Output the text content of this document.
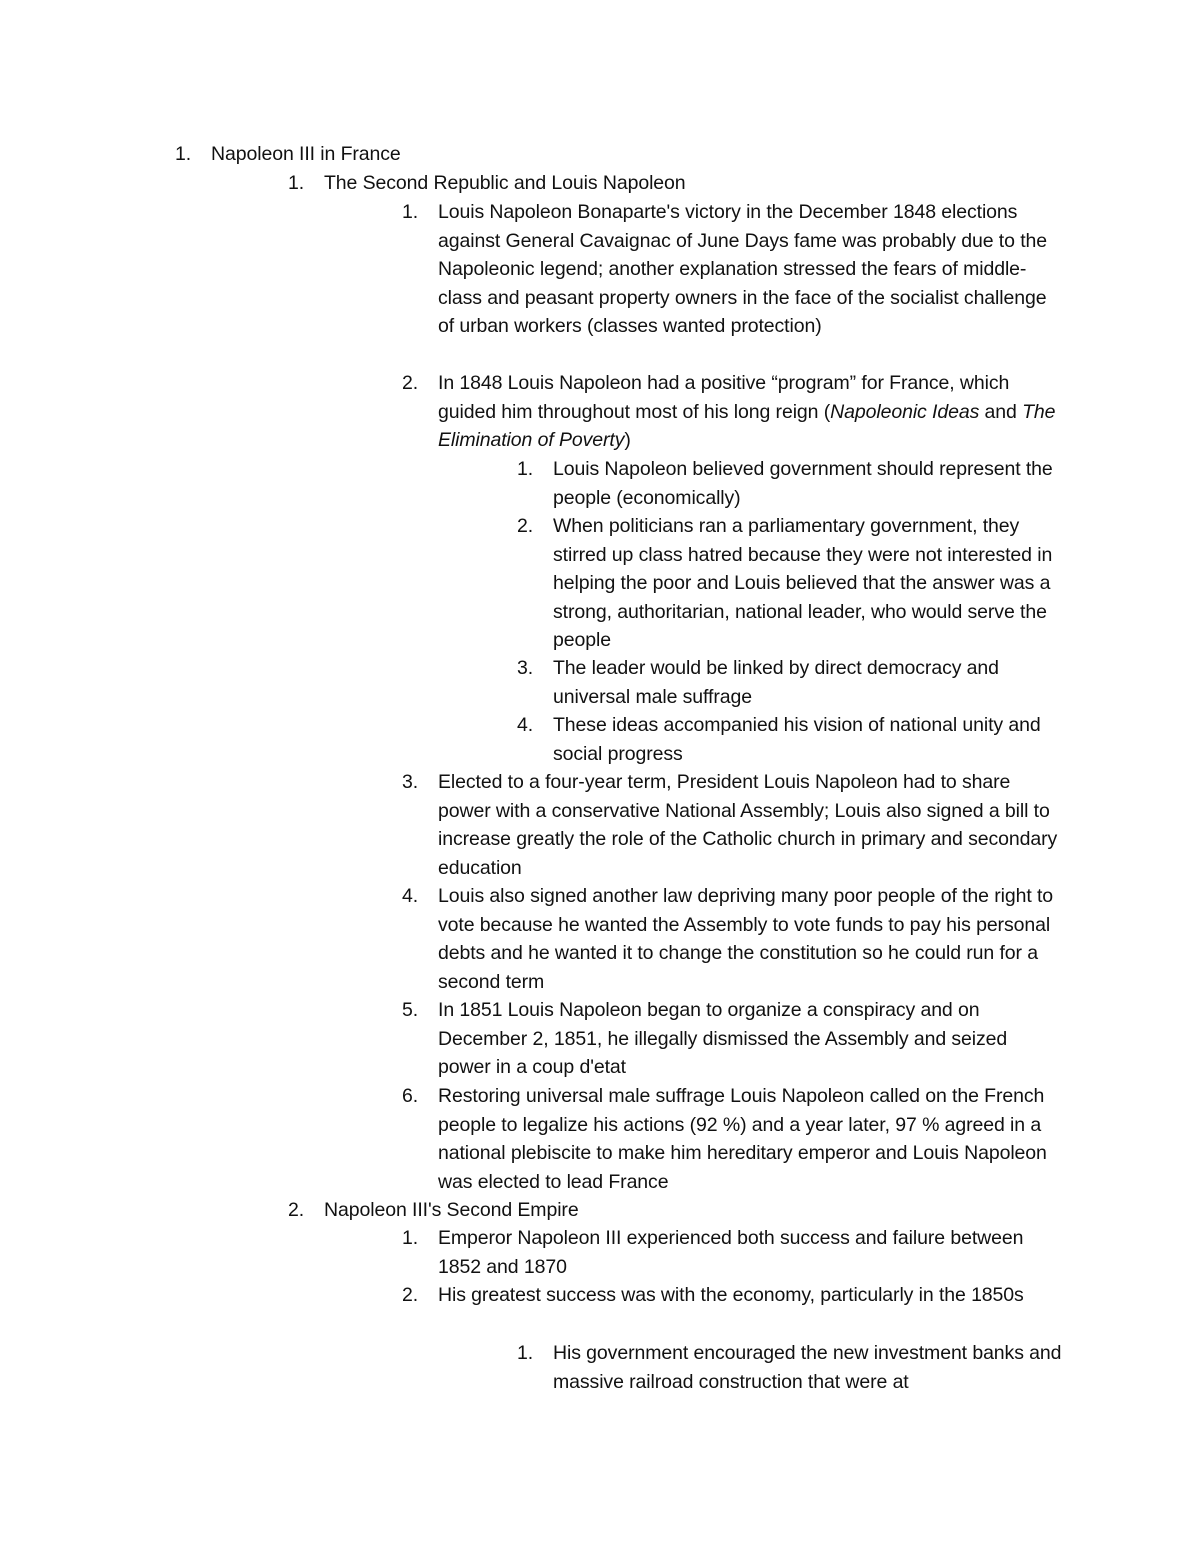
1. Napoleon III in France
1. The Second Republic and Louis Napoleon
1. Louis Napoleon Bonaparte's victory in the December 1848 elections against General Cavaignac of June Days fame was probably due to the Napoleonic legend; another explanation stressed the fears of middle-class and peasant property owners in the face of the socialist challenge of urban workers (classes wanted protection)
2. In 1848 Louis Napoleon had a positive “program” for France, which guided him throughout most of his long reign (Napoleonic Ideas and The Elimination of Poverty)
1. Louis Napoleon believed government should represent the people (economically)
2. When politicians ran a parliamentary government, they stirred up class hatred because they were not interested in helping the poor and Louis believed that the answer was a strong, authoritarian, national leader, who would serve the people
3. The leader would be linked by direct democracy and universal male suffrage
4. These ideas accompanied his vision of national unity and social progress
3. Elected to a four-year term, President Louis Napoleon had to share power with a conservative National Assembly; Louis also signed a bill to increase greatly the role of the Catholic church in primary and secondary education
4. Louis also signed another law depriving many poor people of the right to vote because he wanted the Assembly to vote funds to pay his personal debts and he wanted it to change the constitution so he could run for a second term
5. In 1851 Louis Napoleon began to organize a conspiracy and on December 2, 1851, he illegally dismissed the Assembly and seized power in a coup d'etat
6. Restoring universal male suffrage Louis Napoleon called on the French people to legalize his actions (92 %) and a year later, 97 % agreed in a national plebiscite to make him hereditary emperor and Louis Napoleon was elected to lead France
2. Napoleon III's Second Empire
1. Emperor Napoleon III experienced both success and failure between 1852 and 1870
2. His greatest success was with the economy, particularly in the 1850s
1. His government encouraged the new investment banks and massive railroad construction that were at
